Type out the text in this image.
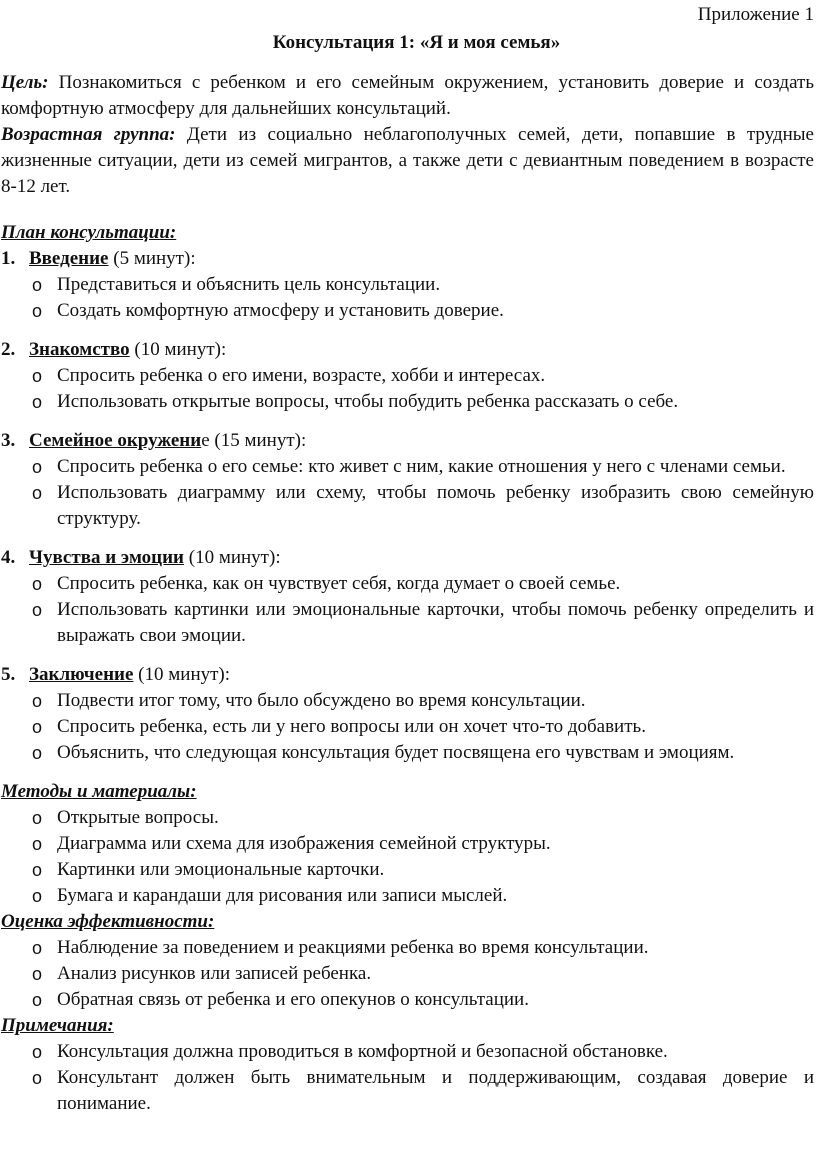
Приложение 1

Консультация 1: «Я и моя семья»

Цель: Познакомиться с ребенком и его семейным окружением, установить доверие и создать комфортную атмосферу для дальнейших консультаций.

Возрастная группа: Дети из социально неблагополучных семей, дети, попавшие в трудные жизненные ситуации, дети из семей мигрантов, а также дети с девиантным поведением в возрасте 8-12 лет.

План консультации:

1. Введение (5 минут):

o Представиться и объяснить цель консультации.
o Создать комфортную атмосферу и установить доверие.

2. Знакомство (10 минут):

o Спросить ребенка о его имени, возрасте, хобби и интересах.
o Использовать открытые вопросы, чтобы побудить ребенка рассказать о себе.

3. Семейное окружение (15 минут):

o Спросить ребенка о его семье: кто живет с ним, какие отношения у него с членами семьи.
o Использовать диаграмму или схему, чтобы помочь ребенку изобразить свою семейную структуру.

4. Чувства и эмоции (10 минут):

o Спросить ребенка, как он чувствует себя, когда думает о своей семье.
o Использовать картинки или эмоциональные карточки, чтобы помочь ребенку определить и выражать свои эмоции.

5. Заключение (10 минут):

o Подвести итог тому, что было обсуждено во время консультации.
o Спросить ребенка, есть ли у него вопросы или он хочет что-то добавить.
o Объяснить, что следующая консультация будет посвящена его чувствам и эмоциям.

Методы и материалы:

o Открытые вопросы.
o Диаграмма или схема для изображения семейной структуры.
o Картинки или эмоциональные карточки.
o Бумага и карандаши для рисования или записи мыслей.

Оценка эффективности:

o Наблюдение за поведением и реакциями ребенка во время консультации.
o Анализ рисунков или записей ребенка.
o Обратная связь от ребенка и его опекунов о консультации.

Примечания:

o Консультация должна проводиться в комфортной и безопасной обстановке.
o Консультант должен быть внимательным и поддерживающим, создавая доверие и понимание.
